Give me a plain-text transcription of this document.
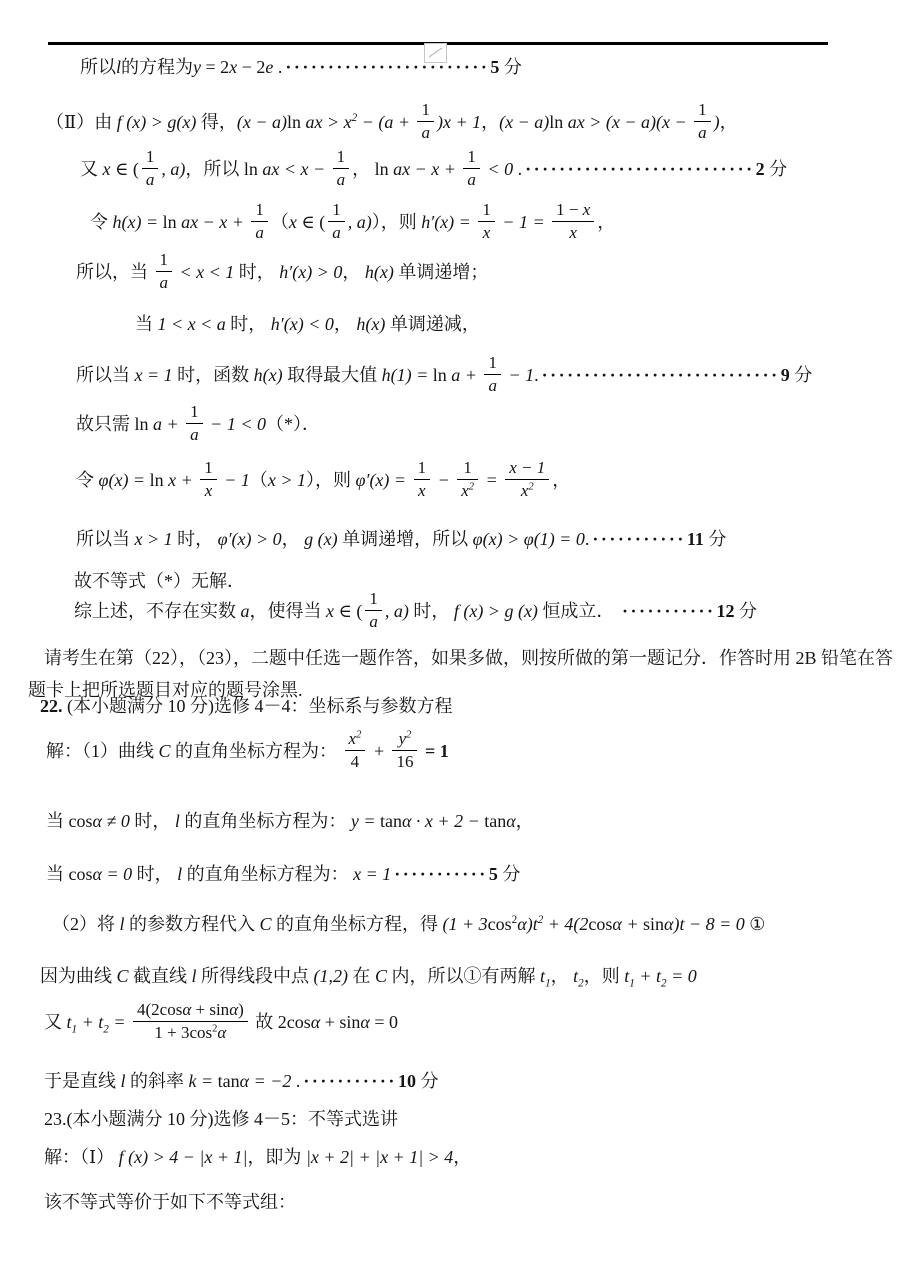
所以l的方程为y = 2x − 2e . ························5 分
（Ⅱ）由 f (x) > g(x) 得，(x − a)ln ax > $x^2 - (a + \frac{1}{a} )x + 1$，(x − a)ln ax > $(x - a)(x - \frac{1}{a}$ )，
又 x ∈ ( $\frac{1}{a}$ , a)，所以 ln ax < $x - \frac{1}{a}$ ， ln ax − $x + \frac{1}{a} < 0$ . ···························2 分
令 h(x) = ln ax − $x + \frac{1}{a} (x$ ∈ ( $\frac{1}{a}$ , a)），则 $h'(x) = \frac{1}{x} - 1 = \frac{1 - x}{x}$ ，
所以，当 $\frac{1}{a} < x < 1$ 时， h′(x) > 0， h(x) 单调递增；
当 1 < x < a 时， h′(x) < 0， h(x) 单调递减，
所以当 x = 1 时，函数 h(x) 取得最大值 $h(1) = \ln a + \frac{1}{a} - 1$. ····························9 分
故只需 $\ln a + \frac{1}{a} - 1 < 0(*)$．
令 $\varphi(x) = \ln x + \frac{1}{x} - 1(x > 1)$，则 $\varphi'(x) = \frac{1}{x} - \frac{1}{x^2} = \frac{x - 1}{x^2}$ ，
所以当 x > 1 时， φ′(x) > 0， g (x) 单调递增，所以 φ(x) > φ(1) = 0. ···········11 分
故不等式（*）无解．
综上述，不存在实数 a，使得当 x ∈ ( $\frac{1}{a}$ , a) 时， f (x) > g (x) 恒成立． ···········12 分
请考生在第（22），（23），二题中任选一题作答，如果多做，则按所做的第一题记分．作答时用 2B 铅笔在答题卡上把所选题目对应的题号涂黑.
22. (本小题满分 10 分)选修 4－4：坐标系与参数方程
解：（1）曲线 C 的直角坐标方程为： $\frac{x^2}{4} + \frac{y^2}{16} = 1$
当 cosα ≠ 0 时， l 的直角坐标方程为： y = tanα · x + 2 − tanα，
当 cosα = 0 时， l 的直角坐标方程为： x = 1 ···········5 分
（2）将 l 的参数方程代入 C 的直角坐标方程，得 $(1 + 3\cos^2\alpha)t^2 + 4(2\cos\alpha + \sin\alpha)t - 8 = 0$ ①
因为曲线 C 截直线 l 所得线段中点 (1,2) 在 C 内，所以①有两解 $t_1$， $t_2$，则 $t_1 + t_2 = 0$
又 $t_1 + t_2 = \frac{4(2\cos\alpha + \sin\alpha)}{1 + 3\cos^2\alpha}$ 故 2cosα + sinα = 0
于是直线 l 的斜率 k = tanα = −2 . ···········10 分
23.(本小题满分 10 分)选修 4－5：不等式选讲
解：（Ⅰ） f (x) > 4 − |x + 1|，即为 |x + 2| + |x + 1| > 4，
该不等式等价于如下不等式组：
